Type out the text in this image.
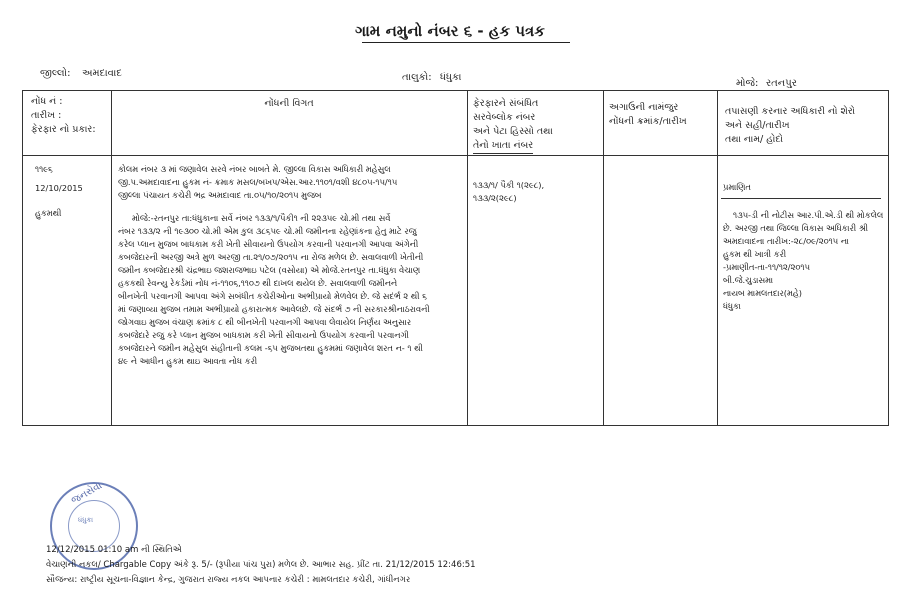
ગામ નમુનો નંબર ૬ - હક પત્રક
જીલ્લો: અમદાવાદ	તાલુકો: ધંધુકા
મોજે: રતનપુર
નોંધ નં :
તારીખ :
ફેરફાર નો પ્રકાર:
નોંધની વિગત	ફેરફારને સંબંધિત
સરવેબ્લોક નંબર
અને પેટા હિસ્સો તથા
તેનો ખાતા નંબર
અગાઉની નામંજુર
નોંધની ક્રમાંક/તારીખ
તપાસણી કરનાર અધિકારી નો શેરો
અને સહી/તારીખ
તથા નામ/ હોદો
૧૧૯૬
12/10/2015
હુકમથી

કોલમ નંબર ૩ માં જણાવેલ સરવે નંબર બાબતે મે. જીલ્લા વિકાસ અધિકારી મહેસુલ

જી.પ.અમદાવાદના હુકમ નં- ક્રમાક મસલ/બખપ/એસ.આર.૧૧૦૧/વશી ૪૮૦૫-૧૫/૧૫

જીલ્લા પંચાયત કચેરી ભદ્ર અમદાવાદ તા.૦૫/૧૦/૨૦૧૫ મુજબ

મોજે:-રતનપુર તા:ધંધુકાના સર્વે નંબર ૧૩૩/૧/પૈકી૧ ની ૨૨૩૫૯ ચો.મી તથા સર્વે

નંબર ૧૩૩/૨ ની ૧૯૩૦૦ ચો.મી એમ કુલ ૩૮૬૫૯ ચો.મી જમીનના રહેણાંકના હેતુ માટે રજુ

કરેલ પ્લાન મુજબ બાધકામ કરી ખેતી સીવાયનો ઉપયોગ કરવાની પરવાનગી આપવા અંગેની

કબજેદારની અરજી અત્રે મુળ અરજી તા.૨૧/૦૭/૨૦૧૫ ના રોજ મળેલ છે. સવાલવાળી ખેતીની

જમીન કબજેદારશ્રી ચંદ્રભાઇ જશરાજભાઇ પટેલ (વસોયા) એ મોજે.રતનપુર તા.ધંધુકા વેચાણ

હકકથી રેવન્યુ રેકર્ડમાં નોધ નં-૧૧૦૬,૧૧૦૭ થી દાખલ થયેલ છે. સવાલવાળી જમીનને

બીનખેતી પરવાનગી આપવા અંગે સબંધીત કચેરીઓના અભીપ્રાયો મેળવેલ છે. જે સદંર્ભ ૨ થી ૬

માં જણાવ્યા મુજબ તમામ અભીપ્રાયો હકારાત્મક આવેલછે. જે સંદર્ભ ૭ ની સરકારશ્રીનાઠરાવની

જોગવાઇ મુજબ વંચાણ ક્રમાંક ૮ થી બીનખેતી પરવાનગી આપવા લેવાયેલ નિર્ણય અનુસાર

કબજેદારે રજુ કરે પ્લાન મુજબ બાધકામ કરી ખેતી સીવાયનો ઉપયોગ કરવાની પરવાનગી

કબજેદારને જમીન મહેસુલ સંહીતાની કલમ -૬૫ મુજબતથા હુકમમાં જણાવેલ શરત ન- ૧ થી

૪૯ ને આધીન હુકમ થાઇ આવતા નોધ કરી

૧૩૩/૧/ પૈકી ૧(૨૯૮),
૧૩૩/૨(૨૯૮)
પ્રમાણિત
૧૩૫-ડી ની નોટીસ આર.પી.એ.ડી થી મોકલેલ
છે. અરજી તથા જિલ્લા વિકાસ અધિકારી શ્રી
અમદાવાદના તારીખ:-૨૮/૦૯/૨૦૧૫ ના
હુકમ થી ખાત્રી કરી
-પ્રમાણીત-તા-૧૧/૧૨/૨૦૧૫
બી.જે.ચુડાસમા
નાયબ મામલતદાર(મહે)
ધંધુકા
જનસેવા
ધંધુકા
12/12/2015 01:10 am ની સ્થિતિએ
વેચાણની નકલ/ Chargable Copy અંકે રૂ. 5/- (રૂપીયા પાંચ પુરા) મળેલ છે. આભાર સહ. પ્રીંટ તા. 21/12/2015 12:46:51
સૌજન્ય: રાષ્ટ્રીય સૂચના-વિજ્ઞાન કેન્દ્ર, ગુજરાત રાજ્ય નકલ આપનાર કચેરી : મામલતદાર કચેરી, ગાંધીનગર
